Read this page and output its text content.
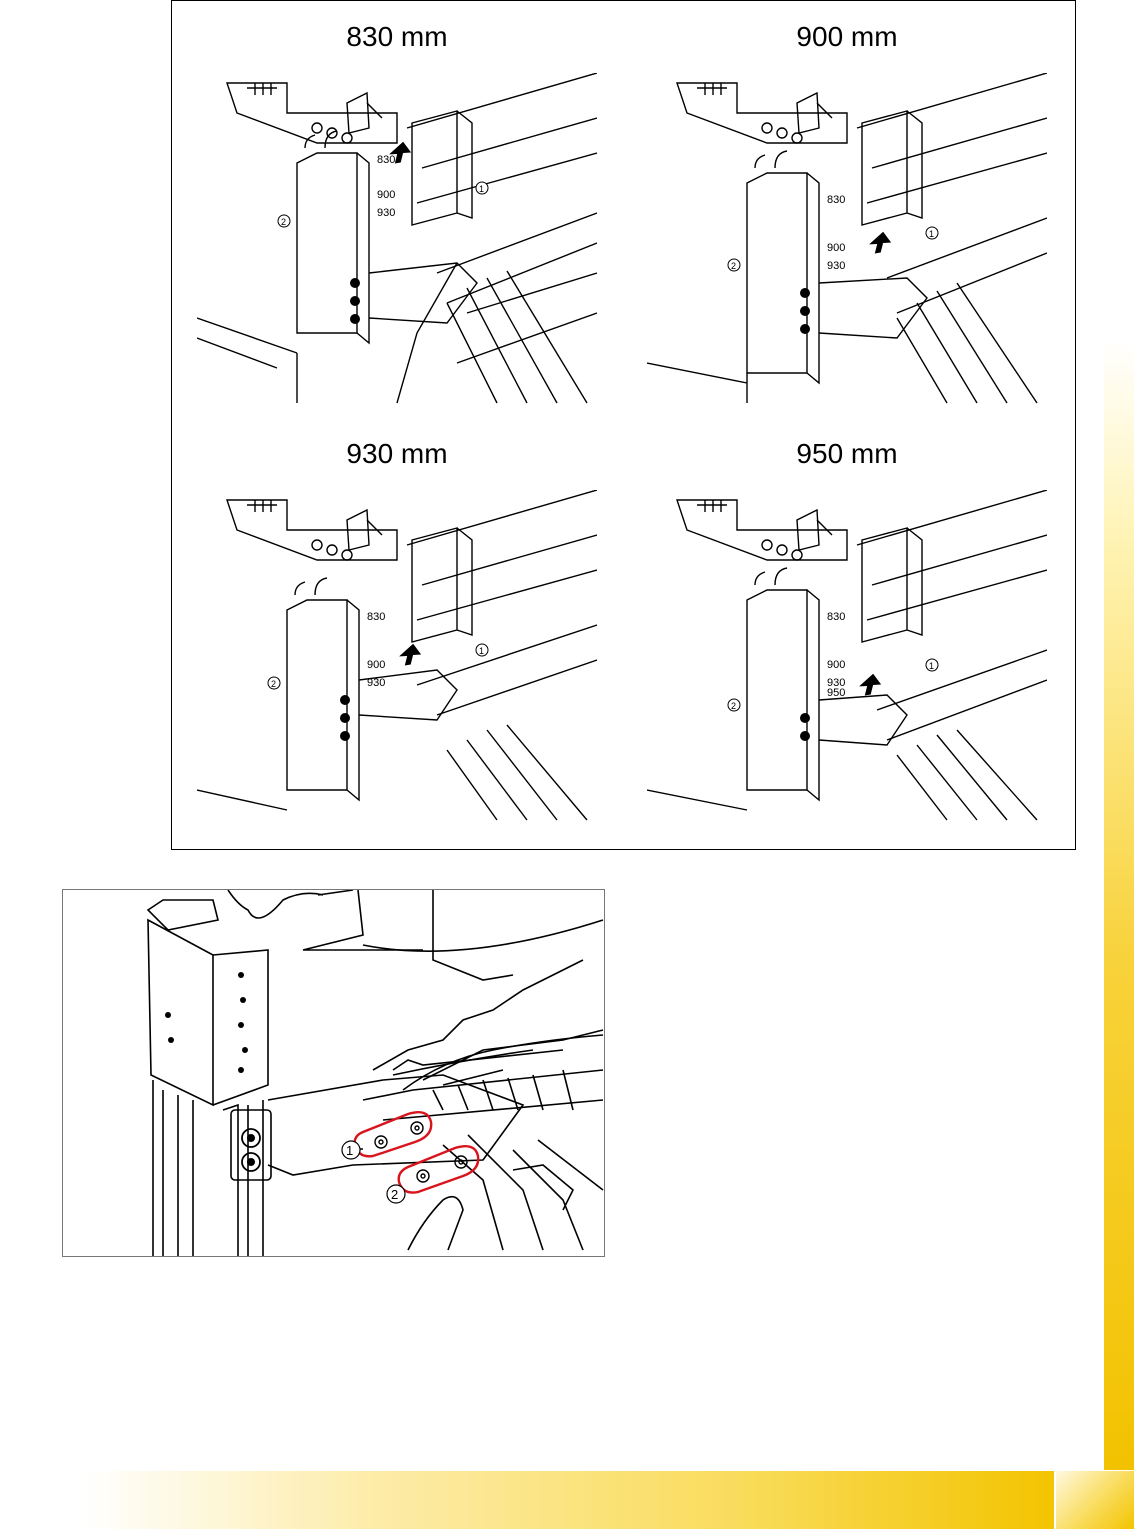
830 mm
830
900
930
1
2
900 mm
830
900
930
1
2
930 mm
830
900
930
1
2
950 mm
830
900
930
950
1
2
1
2
